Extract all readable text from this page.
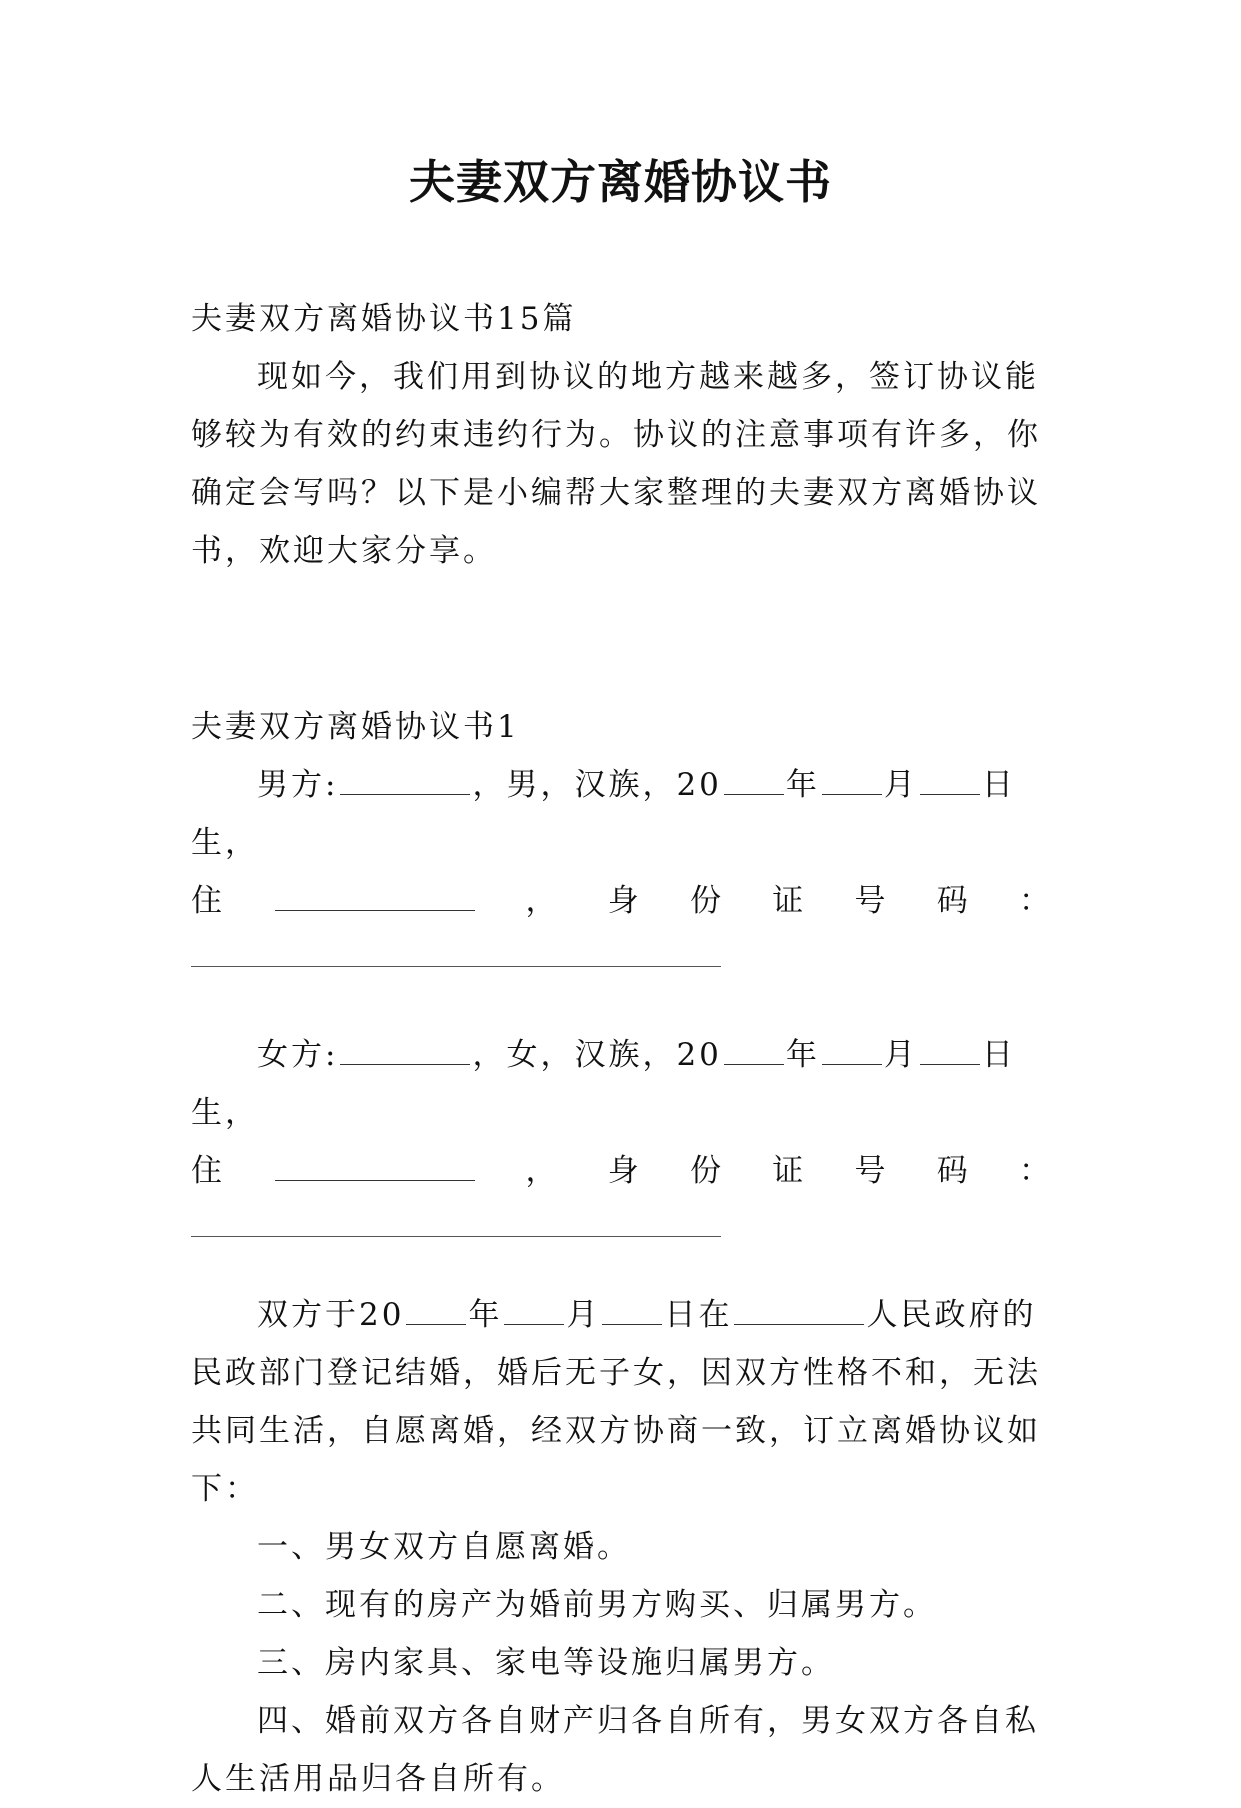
夫妻双方离婚协议书

夫妻双方离婚协议书15篇

现如今，我们用到协议的地方越来越多，签订协议能够较为有效的约束违约行为。协议的注意事项有许多，你确定会写吗？以下是小编帮大家整理的夫妻双方离婚协议书，欢迎大家分享。

夫妻双方离婚协议书1

男方:	，男，汉族，20 年 月 日生，

住	， 身 份 证 号 码 ：

女方:	，女，汉族，20 年 月 日生，

住	， 身 份 证 号 码 ：

双方于20 年 月 日在	人民政府的民政部门登记结婚，婚后无子女，因双方性格不和，无法共同生活，自愿离婚，经双方协商一致，订立离婚协议如下：

一、男女双方自愿离婚。

二、现有的房产为婚前男方购买、归属男方。

三、房内家具、家电等设施归属男方。

四、婚前双方各自财产归各自所有，男女双方各自私人生活用品归各自所有。
